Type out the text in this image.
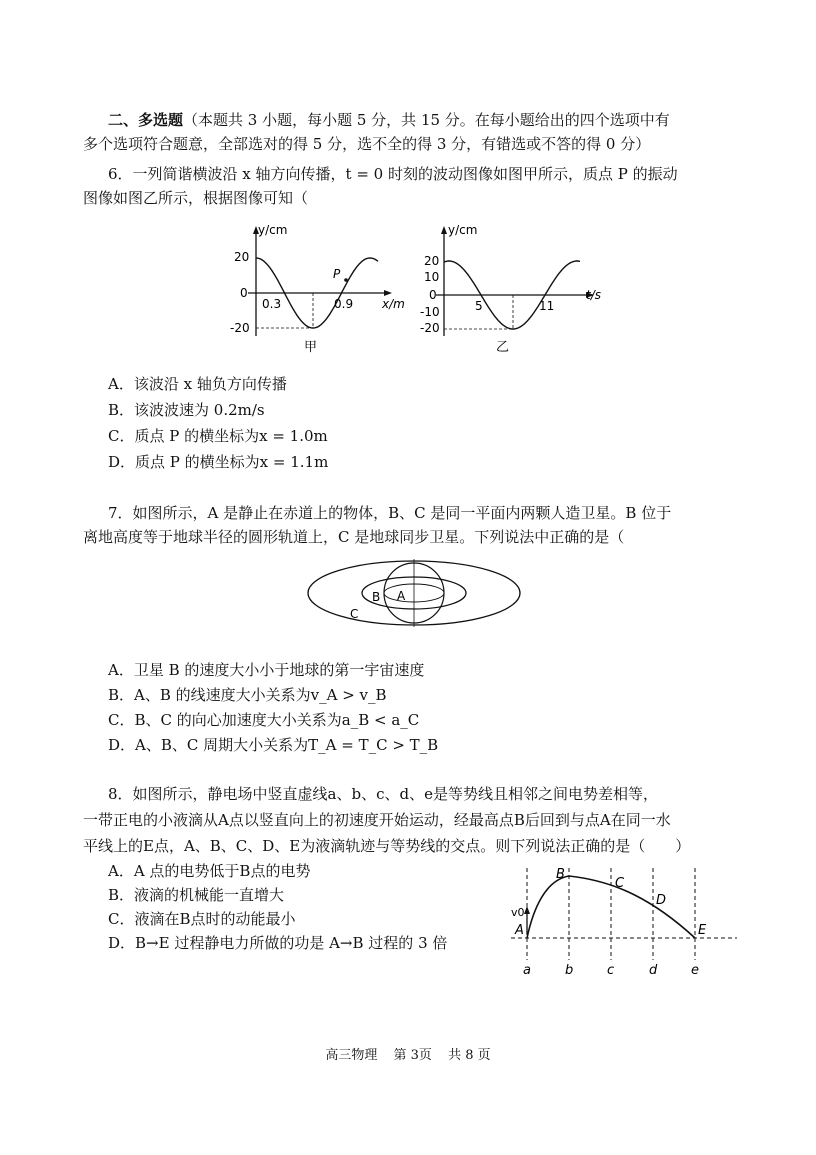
二、多选题（本题共 3 小题，每小题 5 分，共 15 分。在每小题给出的四个选项中有
多个选项符合题意，全部选对的得 5 分，选不全的得 3 分，有错选或不答的得 0 分）
6．一列简谐横波沿 x 轴方向传播，t = 0 时刻的波动图像如图甲所示，质点 P 的振动
图像如图乙所示，根据图像可知（
y/cm
20
0
-20
0.3	0.9 x/m
P
甲
y/cm
20
10
0
-10
-20
5	11
t/s
乙
A．该波沿 x 轴负方向传播
B．该波波速为 0.2m/s
C．质点 P 的横坐标为x = 1.0m
D．质点 P 的横坐标为x = 1.1m
7．如图所示，A 是静止在赤道上的物体，B、C 是同一平面内两颗人造卫星。B 位于
离地高度等于地球半径的圆形轨道上，C 是地球同步卫星。下列说法中正确的是（
A
B
C
A．卫星 B 的速度大小小于地球的第一宇宙速度
B．A、B 的线速度大小关系为v_A > v_B
C．B、C 的向心加速度大小关系为a_B < a_C
D．A、B、C 周期大小关系为T_A = T_C > T_B
8．如图所示，静电场中竖直虚线a、b、c、d、e是等势线且相邻之间电势差相等，
一带正电的小液滴从A点以竖直向上的初速度开始运动，经最高点B后回到与点A在同一水
平线上的E点，A、B、C、D、E为液滴轨迹与等势线的交点。则下列说法正确的是（　　）
A．A 点的电势低于B点的电势
B．液滴的机械能一直增大
C．液滴在B点时的动能最小
D．B→E 过程静电力所做的功是 A→B 过程的 3 倍
v0
A
B
C
D
E
a	b	c	d	e
高三物理 第 3页 共 8 页
